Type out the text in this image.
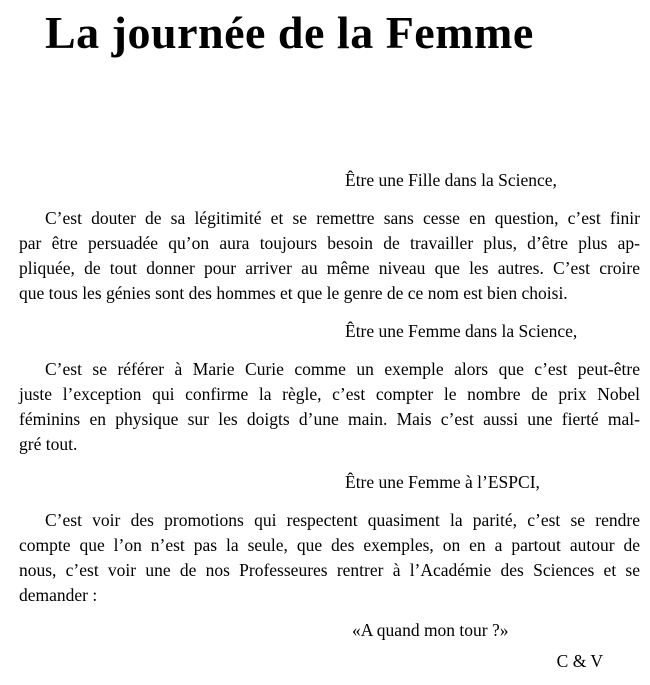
La journée de la Femme
Être une Fille dans la Science,
C’est douter de sa légitimité et se remettre sans cesse en question, c’est finir
par être persuadée qu’on aura toujours besoin de travailler plus, d’être plus ap-
pliquée, de tout donner pour arriver au même niveau que les autres. C’est croire
que tous les génies sont des hommes et que le genre de ce nom est bien choisi.
Être une Femme dans la Science,
C’est se référer à Marie Curie comme un exemple alors que c’est peut-être
juste l’exception qui confirme la règle, c’est compter le nombre de prix Nobel
féminins en physique sur les doigts d’une main. Mais c’est aussi une fierté mal-
gré tout.
Être une Femme à l’ESPCI,
C’est voir des promotions qui respectent quasiment la parité, c’est se rendre
compte que l’on n’est pas la seule, que des exemples, on en a partout autour de
nous, c’est voir une de nos Professeures rentrer à l’Académie des Sciences et se
demander :
«A quand mon tour ?»
C & V
